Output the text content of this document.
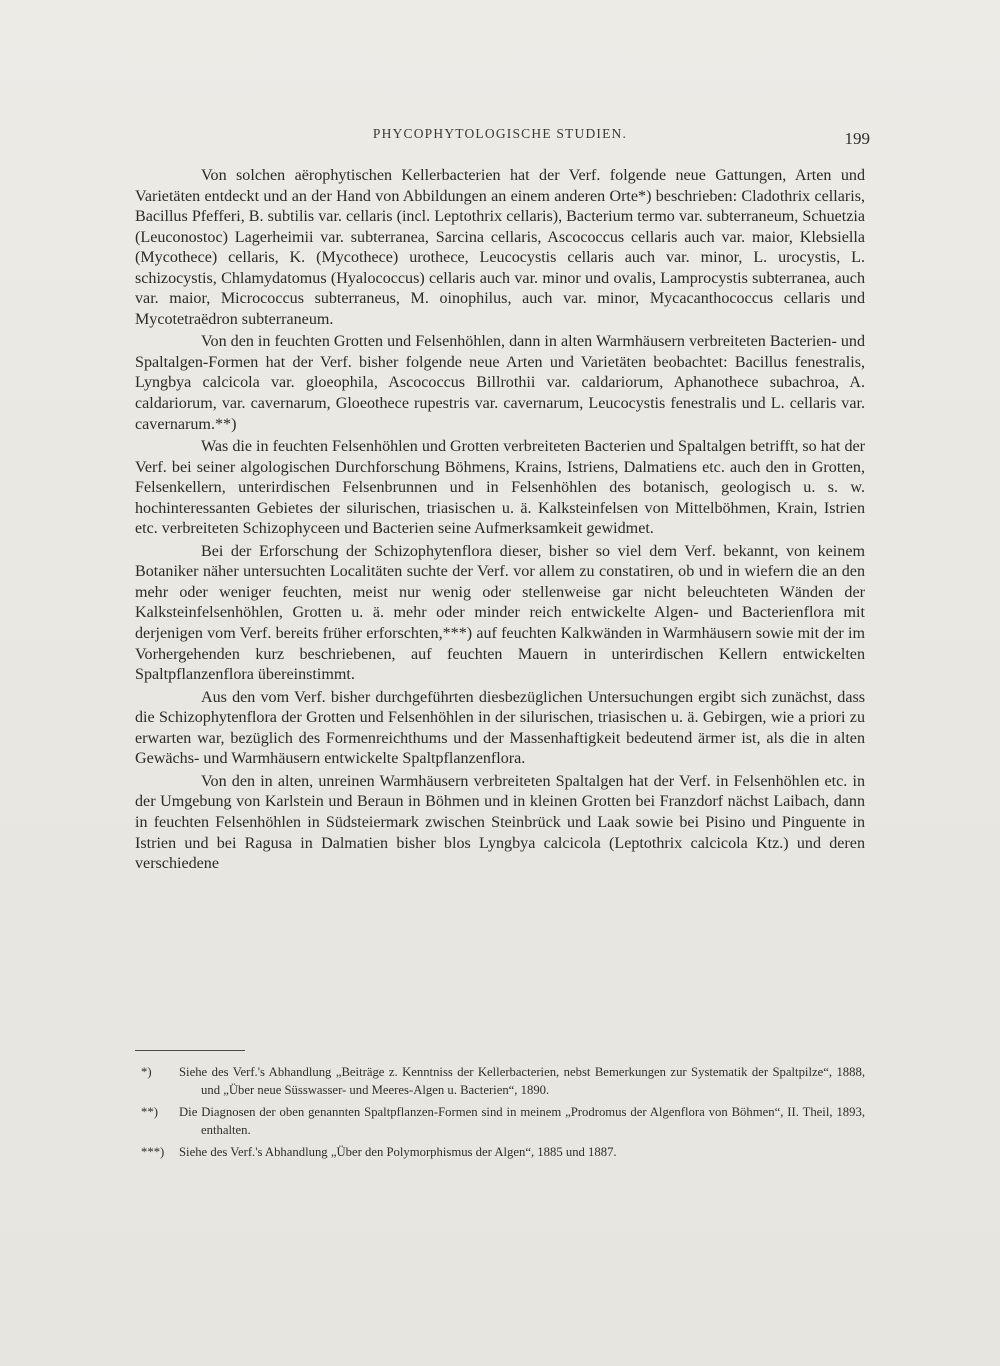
PHYCOPHYTOLOGISCHE STUDIEN.	199

Von solchen aërophytischen Kellerbacterien hat der Verf. folgende neue Gattungen, Arten und Varietäten entdeckt und an der Hand von Abbildungen an einem anderen Orte*) beschrieben: Cladothrix cellaris, Bacillus Pfefferi, B. subtilis var. cellaris (incl. Leptothrix cellaris), Bacterium termo var. subterraneum, Schuetzia (Leuconostoc) Lagerheimii var. subterranea, Sarcina cellaris, Ascococcus cellaris auch var. maior, Klebsiella (Mycothece) cellaris, K. (Mycothece) urothece, Leucocystis cellaris auch var. minor, L. urocystis, L. schizocystis, Chlamydatomus (Hyalococcus) cellaris auch var. minor und ovalis, Lamprocystis subterranea, auch var. maior, Micrococcus subterraneus, M. oinophilus, auch var. minor, Mycacanthococcus cellaris und Mycotetraëdron subterraneum.

Von den in feuchten Grotten und Felsenhöhlen, dann in alten Warmhäusern verbreiteten Bacterien- und Spaltalgen-Formen hat der Verf. bisher folgende neue Arten und Varietäten beobachtet: Bacillus fenestralis, Lyngbya calcicola var. gloeophila, Ascococcus Billrothii var. caldariorum, Aphanothece subachroa, A. caldariorum, var. cavernarum, Gloeothece rupestris var. cavernarum, Leucocystis fenestralis und L. cellaris var. cavernarum.**)

Was die in feuchten Felsenhöhlen und Grotten verbreiteten Bacterien und Spaltalgen betrifft, so hat der Verf. bei seiner algologischen Durchforschung Böhmens, Krains, Istriens, Dalmatiens etc. auch den in Grotten, Felsenkellern, unterirdischen Felsenbrunnen und in Felsenhöhlen des botanisch, geologisch u. s. w. hochinteressanten Gebietes der silurischen, triasischen u. ä. Kalksteinfelsen von Mittelböhmen, Krain, Istrien etc. verbreiteten Schizophyceen und Bacterien seine Aufmerksamkeit gewidmet.

Bei der Erforschung der Schizophytenflora dieser, bisher so viel dem Verf. bekannt, von keinem Botaniker näher untersuchten Localitäten suchte der Verf. vor allem zu constatiren, ob und in wiefern die an den mehr oder weniger feuchten, meist nur wenig oder stellenweise gar nicht beleuchteten Wänden der Kalksteinfelsenhöhlen, Grotten u. ä. mehr oder minder reich entwickelte Algen- und Bacterienflora mit derjenigen vom Verf. bereits früher erforschten,***) auf feuchten Kalkwänden in Warmhäusern sowie mit der im Vorhergehenden kurz beschriebenen, auf feuchten Mauern in unterirdischen Kellern entwickelten Spaltpflanzenflora übereinstimmt.

Aus den vom Verf. bisher durchgeführten diesbezüglichen Untersuchungen ergibt sich zunächst, dass die Schizophytenflora der Grotten und Felsenhöhlen in der silurischen, triasischen u. ä. Gebirgen, wie a priori zu erwarten war, bezüglich des Formenreichthums und der Massenhaftigkeit bedeutend ärmer ist, als die in alten Gewächs- und Warmhäusern entwickelte Spaltpflanzenflora.

Von den in alten, unreinen Warmhäusern verbreiteten Spaltalgen hat der Verf. in Felsenhöhlen etc. in der Umgebung von Karlstein und Beraun in Böhmen und in kleinen Grotten bei Franzdorf nächst Laibach, dann in feuchten Felsenhöhlen in Südsteiermark zwischen Steinbrück und Laak sowie bei Pisino und Pinguente in Istrien und bei Ragusa in Dalmatien bisher blos Lyngbya calcicola (Leptothrix calcicola Ktz.) und deren verschiedene

*) Siehe des Verf.'s Abhandlung „Beiträge z. Kenntniss der Kellerbacterien, nebst Bemerkungen zur Systematik der Spaltpilze“, 1888, und „Über neue Süsswasser- und Meeres-Algen u. Bacterien“, 1890.

**) Die Diagnosen der oben genannten Spaltpflanzen-Formen sind in meinem „Prodromus der Algenflora von Böhmen“, II. Theil, 1893, enthalten.

***) Siehe des Verf.'s Abhandlung „Über den Polymorphismus der Algen“, 1885 und 1887.
